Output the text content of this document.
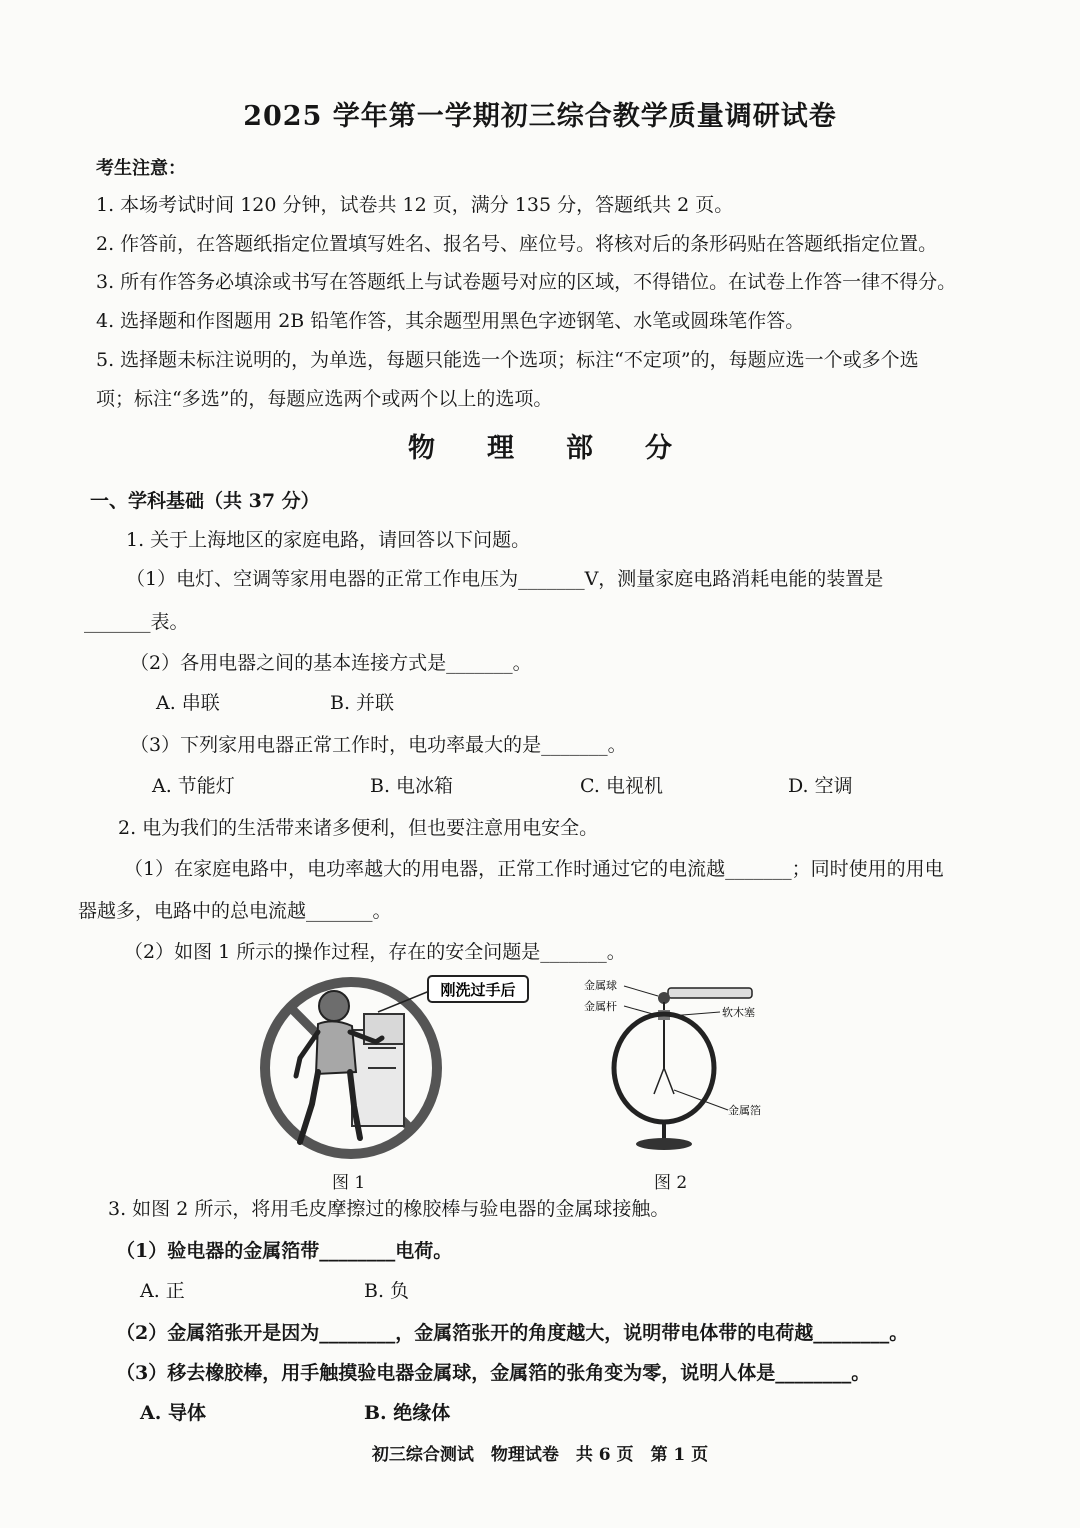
2025 学年第一学期初三综合教学质量调研试卷
考生注意：
1. 本场考试时间 120 分钟，试卷共 12 页，满分 135 分，答题纸共 2 页。
2. 作答前，在答题纸指定位置填写姓名、报名号、座位号。将核对后的条形码贴在答题纸指定位置。
3. 所有作答务必填涂或书写在答题纸上与试卷题号对应的区域，不得错位。在试卷上作答一律不得分。
4. 选择题和作图题用 2B 铅笔作答，其余题型用黑色字迹钢笔、水笔或圆珠笔作答。
5. 选择题未标注说明的，为单选，每题只能选一个选项；标注“不定项”的，每题应选一个或多个选
项；标注“多选”的，每题应选两个或两个以上的选项。
物理部分
一、学科基础（共 37 分）
1. 关于上海地区的家庭电路，请回答以下问题。
（1）电灯、空调等家用电器的正常工作电压为_______V，测量家庭电路消耗电能的装置是
_______表。
（2）各用电器之间的基本连接方式是_______。
A. 串联	B. 并联
（3）下列家用电器正常工作时，电功率最大的是_______。
A. 节能灯	B. 电冰箱	C. 电视机	D. 空调
2. 电为我们的生活带来诸多便利，但也要注意用电安全。
（1）在家庭电路中，电功率越大的用电器，正常工作时通过它的电流越_______；同时使用的用电
器越多，电路中的总电流越_______。
（2）如图 1 所示的操作过程，存在的安全问题是_______。
刚洗过手后
图 1
金属球
金属杆	软木塞
金属箔
图 2
3. 如图 2 所示，将用毛皮摩擦过的橡胶棒与验电器的金属球接触。
（1）验电器的金属箔带________电荷。
A. 正	B. 负
（2）金属箔张开是因为________，金属箔张开的角度越大，说明带电体带的电荷越________。
（3）移去橡胶棒，用手触摸验电器金属球，金属箔的张角变为零，说明人体是________。
A. 导体	B. 绝缘体
初三综合测试　物理试卷　共 6 页　第 1 页
